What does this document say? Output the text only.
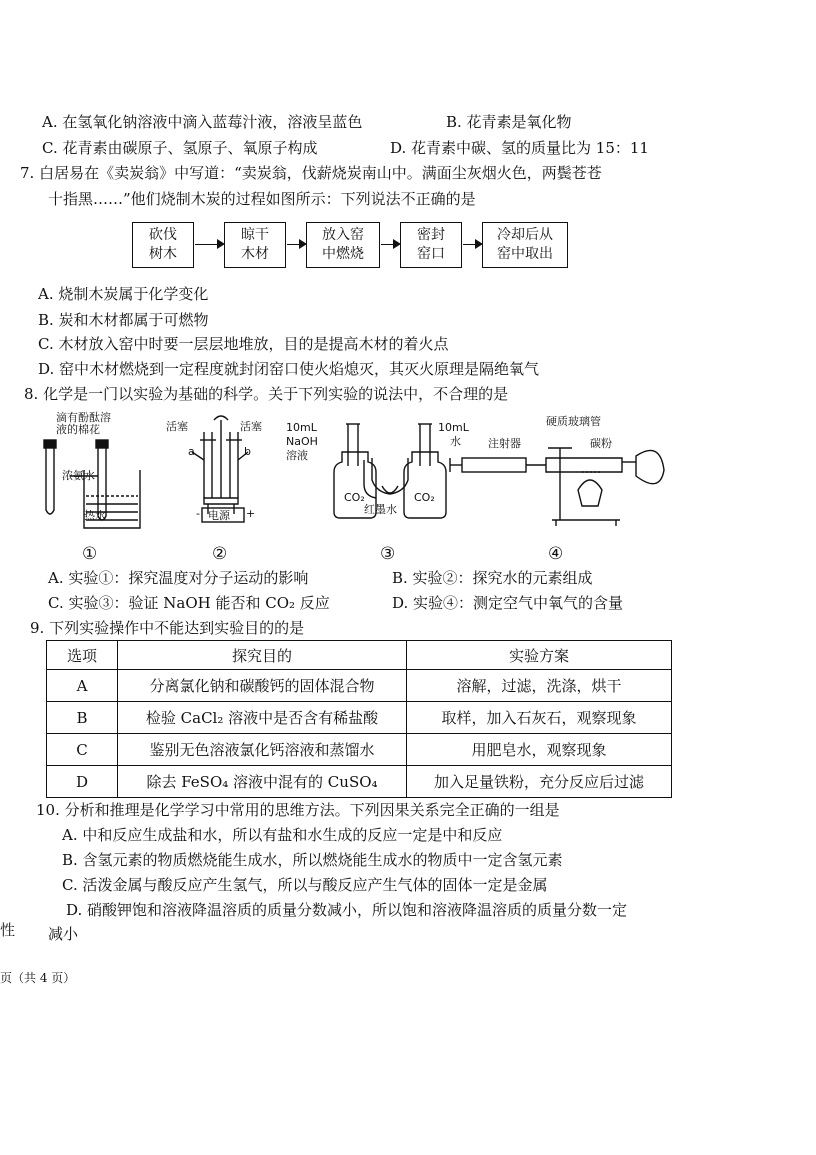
A. 在氢氧化钠溶液中滴入蓝莓汁液，溶液呈蓝色	B. 花青素是氧化物
C. 花青素由碳原子、氢原子、氧原子构成	D. 花青素中碳、氢的质量比为 15：11
7. 白居易在《卖炭翁》中写道：“卖炭翁，伐薪烧炭南山中。满面尘灰烟火色，两鬓苍苍
十指黑……”他们烧制木炭的过程如图所示：下列说法不正确的是
砍伐
树木
晾干
木材
放入窑
中燃烧
密封
窑口
冷却后从
窑中取出
A. 烧制木炭属于化学变化
B. 炭和木材都属于可燃物
C. 木材放入窑中时要一层层地堆放，目的是提高木材的着火点
D. 窑中木材燃烧到一定程度就封闭窑口使火焰熄灭，其灭火原理是隔绝氧气
8. 化学是一门以实验为基础的科学。关于下列实验的说法中，不合理的是
滴有酚酞溶液的棉花
浓氨水
热水
活塞	活塞
a	b
电源
-	+
10mL
NaOH
溶液
10mL
水
CO₂	CO₂
红墨水
注射器
硬质玻璃管
碳粉
①	②	③	④
A. 实验①：探究温度对分子运动的影响	B. 实验②：探究水的元素组成
C. 实验③：验证 NaOH 能否和 CO₂ 反应	D. 实验④：测定空气中氧气的含量
9. 下列实验操作中不能达到实验目的的是
选项	探究目的	实验方案
A	分离氯化钠和碳酸钙的固体混合物	溶解，过滤，洗涤，烘干
B	检验 CaCl₂ 溶液中是否含有稀盐酸	取样，加入石灰石，观察现象
C	鉴别无色溶液氯化钙溶液和蒸馏水	用肥皂水，观察现象
D	除去 FeSO₄ 溶液中混有的 CuSO₄	加入足量铁粉，充分反应后过滤
10. 分析和推理是化学学习中常用的思维方法。下列因果关系完全正确的一组是
A. 中和反应生成盐和水，所以有盐和水生成的反应一定是中和反应
B. 含氢元素的物质燃烧能生成水，所以燃烧能生成水的物质中一定含氢元素
C. 活泼金属与酸反应产生氢气，所以与酸反应产生气体的固体一定是金属
D. 硝酸钾饱和溶液降温溶质的质量分数减小，所以饱和溶液降温溶质的质量分数一定
减小
性
页（共 4 页）
